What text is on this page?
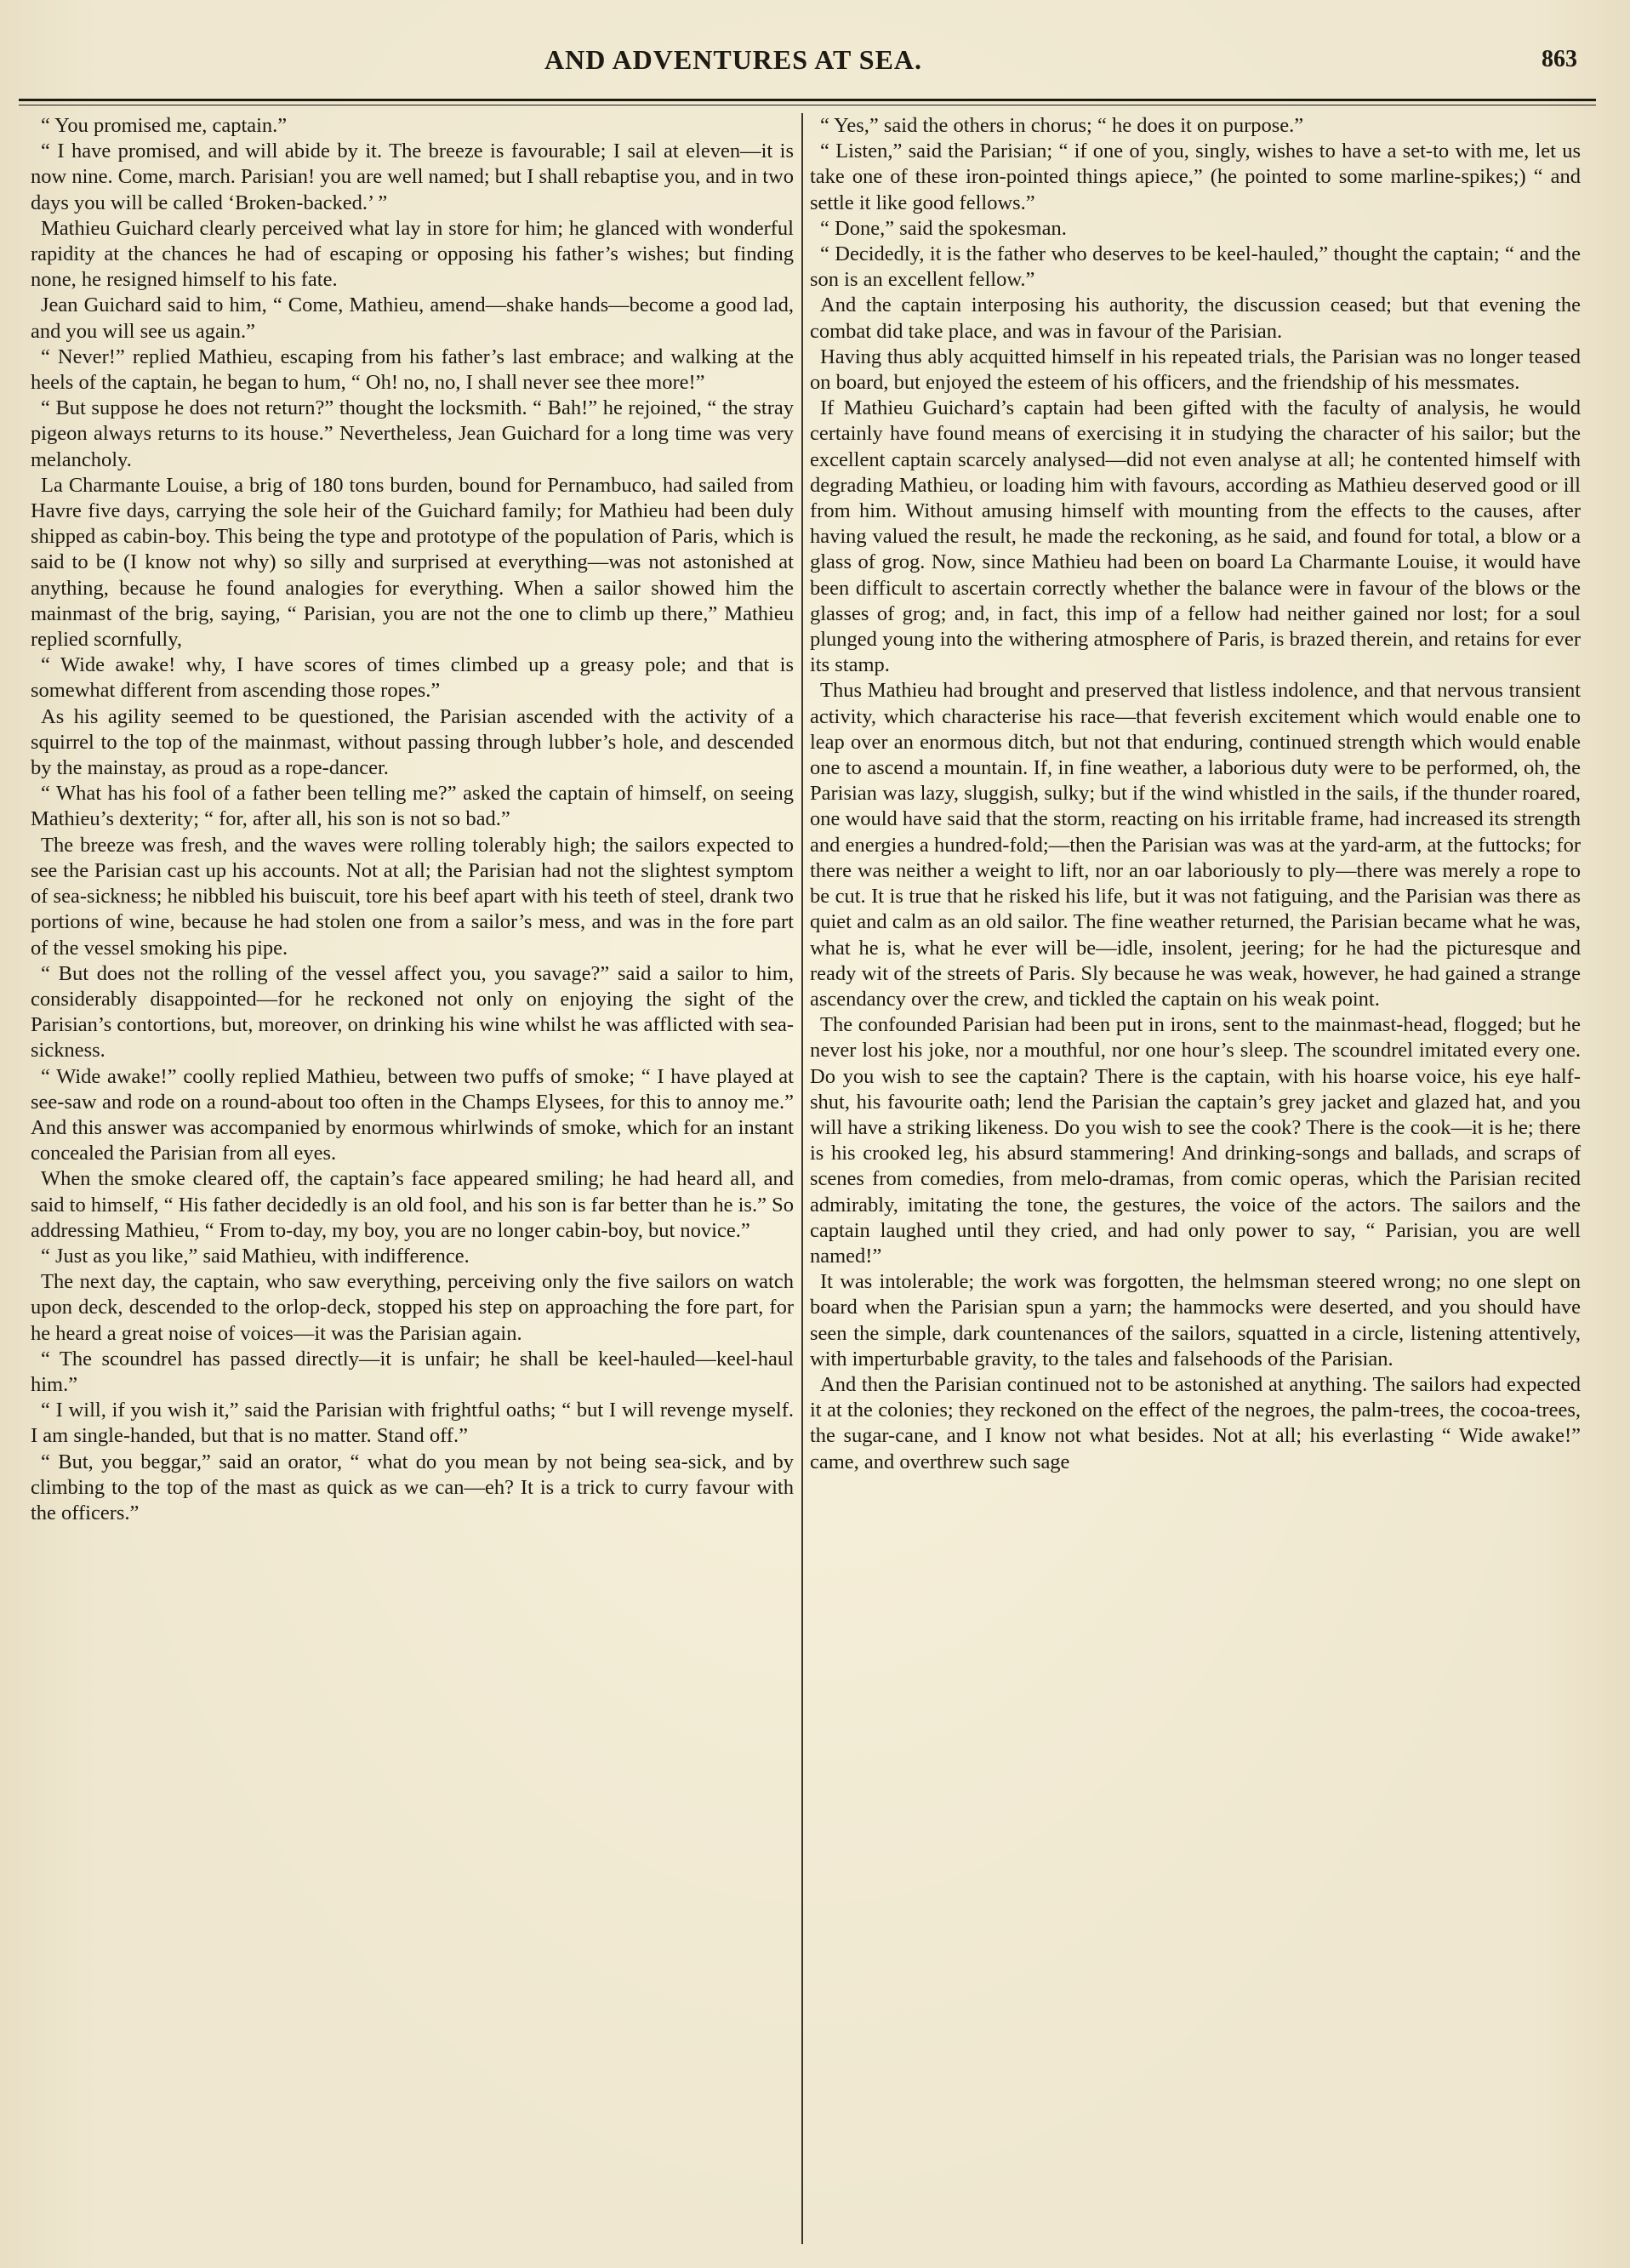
AND ADVENTURES AT SEA.	863

“ You promised me, captain.”

“ I have promised, and will abide by it. The breeze is favourable; I sail at eleven—it is now nine. Come, march. Parisian! you are well named; but I shall rebaptise you, and in two days you will be called ‘Broken-backed.’ ”

Mathieu Guichard clearly perceived what lay in store for him; he glanced with wonderful rapidity at the chances he had of escaping or opposing his father’s wishes; but finding none, he resigned himself to his fate.

Jean Guichard said to him, “ Come, Mathieu, amend—shake hands—become a good lad, and you will see us again.”

“ Never!” replied Mathieu, escaping from his father’s last embrace; and walking at the heels of the captain, he began to hum, “ Oh! no, no, I shall never see thee more!”

“ But suppose he does not return?” thought the locksmith. “ Bah!” he rejoined, “ the stray pigeon always returns to its house.” Nevertheless, Jean Guichard for a long time was very melancholy.

La Charmante Louise, a brig of 180 tons burden, bound for Pernambuco, had sailed from Havre five days, carrying the sole heir of the Guichard family; for Mathieu had been duly shipped as cabin-boy. This being the type and prototype of the population of Paris, which is said to be (I know not why) so silly and surprised at everything—was not astonished at anything, because he found analogies for everything. When a sailor showed him the mainmast of the brig, saying, “ Parisian, you are not the one to climb up there,” Mathieu replied scornfully,

“ Wide awake! why, I have scores of times climbed up a greasy pole; and that is somewhat different from ascending those ropes.”

As his agility seemed to be questioned, the Parisian ascended with the activity of a squirrel to the top of the mainmast, without passing through lubber’s hole, and descended by the mainstay, as proud as a rope-dancer.

“ What has his fool of a father been telling me?” asked the captain of himself, on seeing Mathieu’s dexterity; “ for, after all, his son is not so bad.”

The breeze was fresh, and the waves were rolling tolerably high; the sailors expected to see the Parisian cast up his accounts. Not at all; the Parisian had not the slightest symptom of sea-sickness; he nibbled his buiscuit, tore his beef apart with his teeth of steel, drank two portions of wine, because he had stolen one from a sailor’s mess, and was in the fore part of the vessel smoking his pipe.

“ But does not the rolling of the vessel affect you, you savage?” said a sailor to him, considerably disappointed—for he reckoned not only on enjoying the sight of the Parisian’s contortions, but, moreover, on drinking his wine whilst he was afflicted with sea-sickness.

“ Wide awake!” coolly replied Mathieu, between two puffs of smoke; “ I have played at see-saw and rode on a round-about too often in the Champs Elysees, for this to annoy me.” And this answer was accompanied by enormous whirlwinds of smoke, which for an instant concealed the Parisian from all eyes.

When the smoke cleared off, the captain’s face appeared smiling; he had heard all, and said to himself, “ His father decidedly is an old fool, and his son is far better than he is.” So addressing Mathieu, “ From to-day, my boy, you are no longer cabin-boy, but novice.”

“ Just as you like,” said Mathieu, with indifference.

The next day, the captain, who saw everything, perceiving only the five sailors on watch upon deck, descended to the orlop-deck, stopped his step on approaching the fore part, for he heard a great noise of voices—it was the Parisian again.

“ The scoundrel has passed directly—it is unfair; he shall be keel-hauled—keel-haul him.”

“ I will, if you wish it,” said the Parisian with frightful oaths; “ but I will revenge myself. I am single-handed, but that is no matter. Stand off.”

“ But, you beggar,” said an orator, “ what do you mean by not being sea-sick, and by climbing to the top of the mast as quick as we can—eh? It is a trick to curry favour with the officers.”

“ Yes,” said the others in chorus; “ he does it on purpose.”

“ Listen,” said the Parisian; “ if one of you, singly, wishes to have a set-to with me, let us take one of these iron-pointed things apiece,” (he pointed to some marline-spikes;) “ and settle it like good fellows.”

“ Done,” said the spokesman.

“ Decidedly, it is the father who deserves to be keel-hauled,” thought the captain; “ and the son is an excellent fellow.”

And the captain interposing his authority, the discussion ceased; but that evening the combat did take place, and was in favour of the Parisian.

Having thus ably acquitted himself in his repeated trials, the Parisian was no longer teased on board, but enjoyed the esteem of his officers, and the friendship of his messmates.

If Mathieu Guichard’s captain had been gifted with the faculty of analysis, he would certainly have found means of exercising it in studying the character of his sailor; but the excellent captain scarcely analysed—did not even analyse at all; he contented himself with degrading Mathieu, or loading him with favours, according as Mathieu deserved good or ill from him. Without amusing himself with mounting from the effects to the causes, after having valued the result, he made the reckoning, as he said, and found for total, a blow or a glass of grog. Now, since Mathieu had been on board La Charmante Louise, it would have been difficult to ascertain correctly whether the balance were in favour of the blows or the glasses of grog; and, in fact, this imp of a fellow had neither gained nor lost; for a soul plunged young into the withering atmosphere of Paris, is brazed therein, and retains for ever its stamp.

Thus Mathieu had brought and preserved that listless indolence, and that nervous transient activity, which characterise his race—that feverish excitement which would enable one to leap over an enormous ditch, but not that enduring, continued strength which would enable one to ascend a mountain. If, in fine weather, a laborious duty were to be performed, oh, the Parisian was lazy, sluggish, sulky; but if the wind whistled in the sails, if the thunder roared, one would have said that the storm, reacting on his irritable frame, had increased its strength and energies a hundred-fold;—then the Parisian was was at the yard-arm, at the futtocks; for there was neither a weight to lift, nor an oar laboriously to ply—there was merely a rope to be cut. It is true that he risked his life, but it was not fatiguing, and the Parisian was there as quiet and calm as an old sailor. The fine weather returned, the Parisian became what he was, what he is, what he ever will be—idle, insolent, jeering; for he had the picturesque and ready wit of the streets of Paris. Sly because he was weak, however, he had gained a strange ascendancy over the crew, and tickled the captain on his weak point.

The confounded Parisian had been put in irons, sent to the mainmast-head, flogged; but he never lost his joke, nor a mouthful, nor one hour’s sleep. The scoundrel imitated every one. Do you wish to see the captain? There is the captain, with his hoarse voice, his eye half-shut, his favourite oath; lend the Parisian the captain’s grey jacket and glazed hat, and you will have a striking likeness. Do you wish to see the cook? There is the cook—it is he; there is his crooked leg, his absurd stammering! And drinking-songs and ballads, and scraps of scenes from comedies, from melo-dramas, from comic operas, which the Parisian recited admirably, imitating the tone, the gestures, the voice of the actors. The sailors and the captain laughed until they cried, and had only power to say, “ Parisian, you are well named!”

It was intolerable; the work was forgotten, the helmsman steered wrong; no one slept on board when the Parisian spun a yarn; the hammocks were deserted, and you should have seen the simple, dark countenances of the sailors, squatted in a circle, listening attentively, with imperturbable gravity, to the tales and falsehoods of the Parisian.

And then the Parisian continued not to be astonished at anything. The sailors had expected it at the colonies; they reckoned on the effect of the negroes, the palm-trees, the cocoa-trees, the sugar-cane, and I know not what besides. Not at all; his everlasting “ Wide awake!” came, and overthrew such sage
